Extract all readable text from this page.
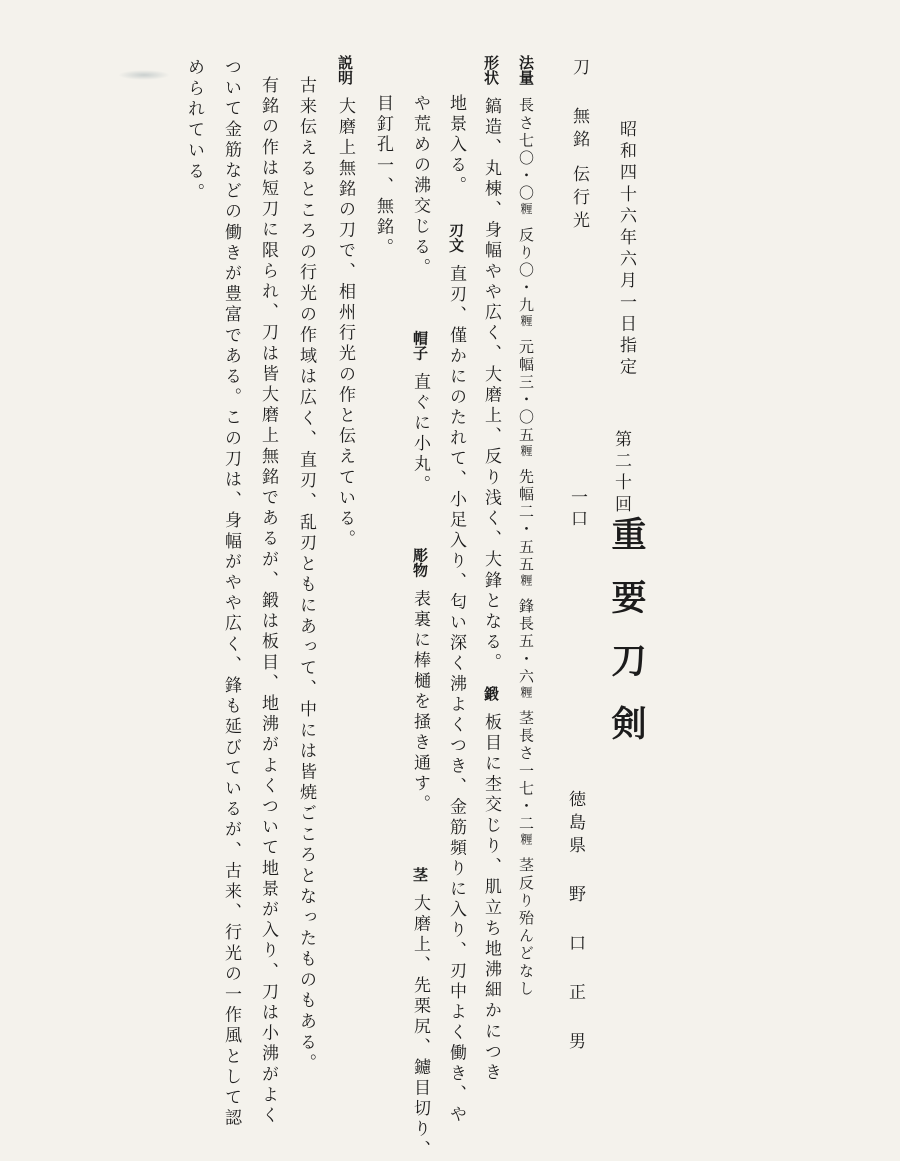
昭和四十六年六月一日指定
第二十回
重要刀剣
一口
徳島県野 口 正 男
刀無銘伝行光
法量長さ七〇・〇糎反り〇・九糎元幅三・〇五糎先幅二・五五糎鋒長五・六糎茎長さ一七・二糎茎反り殆んどなし
形状鎬造、丸棟、身幅やや広く、大磨上、反り浅く、大鋒となる。鍛板目に杢交じり、肌立ち地沸細かにつき
地景入る。刃文直刃、僅かにのたれて、小足入り、匂い深く沸よくつき、金筋頻りに入り、刃中よく働き、や
や荒めの沸交じる。帽子直ぐに小丸。彫物表裏に棒樋を掻き通す。茎大磨上、先栗尻、鑢目切り、
目釘孔一、無銘。
説明大磨上無銘の刀で、相州行光の作と伝えている。
古来伝えるところの行光の作域は広く、直刃、乱刃ともにあって、中には皆焼ごころとなったものもある。
有銘の作は短刀に限られ、刀は皆大磨上無銘であるが、鍛は板目、地沸がよくついて地景が入り、刀は小沸がよく
ついて金筋などの働きが豊富である。この刀は、身幅がやや広く、鋒も延びているが、古来、行光の一作風として認
められている。
